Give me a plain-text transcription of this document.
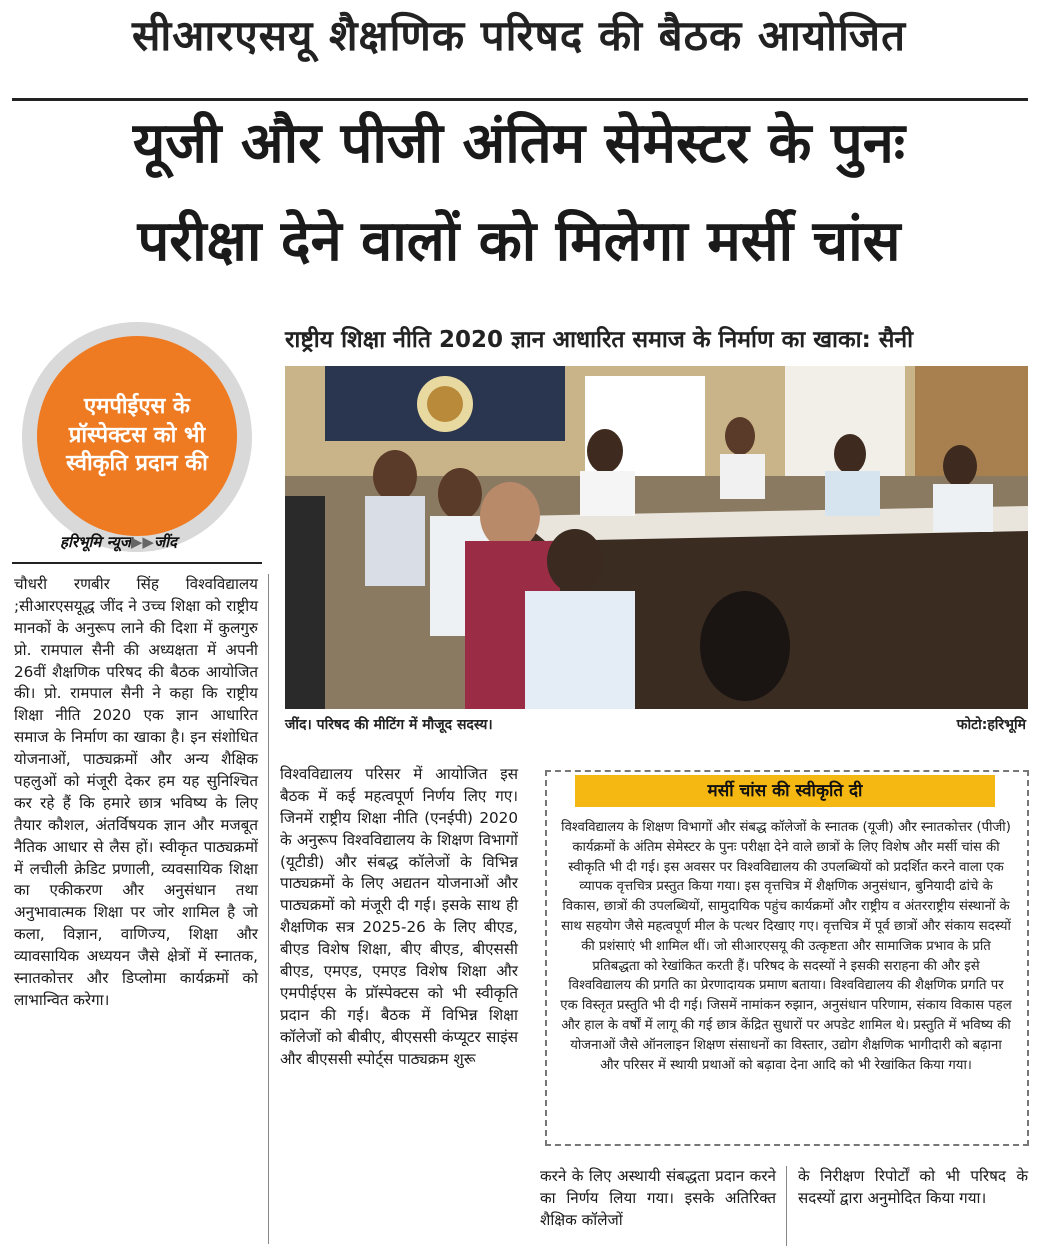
सीआरएसयू शैक्षणिक परिषद की बैठक आयोजित
यूजी और पीजी अंतिम सेमेस्टर के पुनः
परीक्षा देने वालों को मिलेगा मर्सी चांस
राष्ट्रीय शिक्षा नीति 2020 ज्ञान आधारित समाज के निर्माण का खाका: सैनी
एमपीईएस के प्रॉस्पेक्टस को भी स्वीकृति प्रदान की
हरिभूमि न्यूज▶▶जींद
जींद। परिषद की मीटिंग में मौजूद सदस्य।	फोटो:हरिभूमि
चौधरी रणबीर सिंह विश्वविद्यालय ;सीआरएसयूद्ध जींद ने उच्च शिक्षा को राष्ट्रीय मानकों के अनुरूप लाने की दिशा में कुलगुरु प्रो. रामपाल सैनी की अध्यक्षता में अपनी 26वीं शैक्षणिक परिषद की बैठक आयोजित की। प्रो. रामपाल सैनी ने कहा कि राष्ट्रीय शिक्षा नीति 2020 एक ज्ञान आधारित समाज के निर्माण का खाका है। इन संशोधित योजनाओं, पाठ्यक्रमों और अन्य शैक्षिक पहलुओं को मंजूरी देकर हम यह सुनिश्चित कर रहे हैं कि हमारे छात्र भविष्य के लिए तैयार कौशल, अंतर्विषयक ज्ञान और मजबूत नैतिक आधार से लैस हों। स्वीकृत पाठ्यक्रमों में लचीली क्रेडिट प्रणाली, व्यवसायिक शिक्षा का एकीकरण और अनुसंधान तथा अनुभावात्मक शिक्षा पर जोर शामिल है जो कला, विज्ञान, वाणिज्य, शिक्षा और व्यावसायिक अध्ययन जैसे क्षेत्रों में स्नातक, स्नातकोत्तर और डिप्लोमा कार्यक्रमों को लाभान्वित करेगा।
विश्वविद्यालय परिसर में आयोजित इस बैठक में कई महत्वपूर्ण निर्णय लिए गए। जिनमें राष्ट्रीय शिक्षा नीति (एनईपी) 2020 के अनुरूप विश्वविद्यालय के शिक्षण विभागों (यूटीडी) और संबद्ध कॉलेजों के विभिन्न पाठ्यक्रमों के लिए अद्यतन योजनाओं और पाठ्यक्रमों को मंजूरी दी गई। इसके साथ ही शैक्षणिक सत्र 2025-26 के लिए बीएड, बीएड विशेष शिक्षा, बीए बीएड, बीएससी बीएड, एमएड, एमएड विशेष शिक्षा और एमपीईएस के प्रॉस्पेक्टस को भी स्वीकृति प्रदान की गई। बैठक में विभिन्न शिक्षा कॉलेजों को बीबीए, बीएससी कंप्यूटर साइंस और बीएससी स्पोर्ट्स पाठ्यक्रम शुरू
मर्सी चांस की स्वीकृति दी
विश्वविद्यालय के शिक्षण विभागों और संबद्ध कॉलेजों के स्नातक (यूजी) और स्नातकोत्तर (पीजी) कार्यक्रमों के अंतिम सेमेस्टर के पुनः परीक्षा देने वाले छात्रों के लिए विशेष और मर्सी चांस की स्वीकृति भी दी गई। इस अवसर पर विश्वविद्यालय की उपलब्धियों को प्रदर्शित करने वाला एक व्यापक वृत्तचित्र प्रस्तुत किया गया। इस वृत्तचित्र में शैक्षणिक अनुसंधान, बुनियादी ढांचे के विकास, छात्रों की उपलब्धियों, सामुदायिक पहुंच कार्यक्रमों और राष्ट्रीय व अंतरराष्ट्रीय संस्थानों के साथ सहयोग जैसे महत्वपूर्ण मील के पत्थर दिखाए गए। वृत्तचित्र में पूर्व छात्रों और संकाय सदस्यों की प्रशंसाएं भी शामिल थीं। जो सीआरएसयू की उत्कृष्टता और सामाजिक प्रभाव के प्रति प्रतिबद्धता को रेखांकित करती हैं। परिषद के सदस्यों ने इसकी सराहना की और इसे विश्वविद्यालय की प्रगति का प्रेरणादायक प्रमाण बताया। विश्वविद्यालय की शैक्षणिक प्रगति पर एक विस्तृत प्रस्तुति भी दी गई। जिसमें नामांकन रुझान, अनुसंधान परिणाम, संकाय विकास पहल और हाल के वर्षों में लागू की गई छात्र केंद्रित सुधारों पर अपडेट शामिल थे। प्रस्तुति में भविष्य की योजनाओं जैसे ऑनलाइन शिक्षण संसाधनों का विस्तार, उद्योग शैक्षणिक भागीदारी को बढ़ाना और परिसर में स्थायी प्रथाओं को बढ़ावा देना आदि को भी रेखांकित किया गया।
करने के लिए अस्थायी संबद्धता प्रदान करने का निर्णय लिया गया। इसके अतिरिक्त शैक्षिक कॉलेजों
के निरीक्षण रिपोर्टों को भी परिषद के सदस्यों द्वारा अनुमोदित किया गया।
